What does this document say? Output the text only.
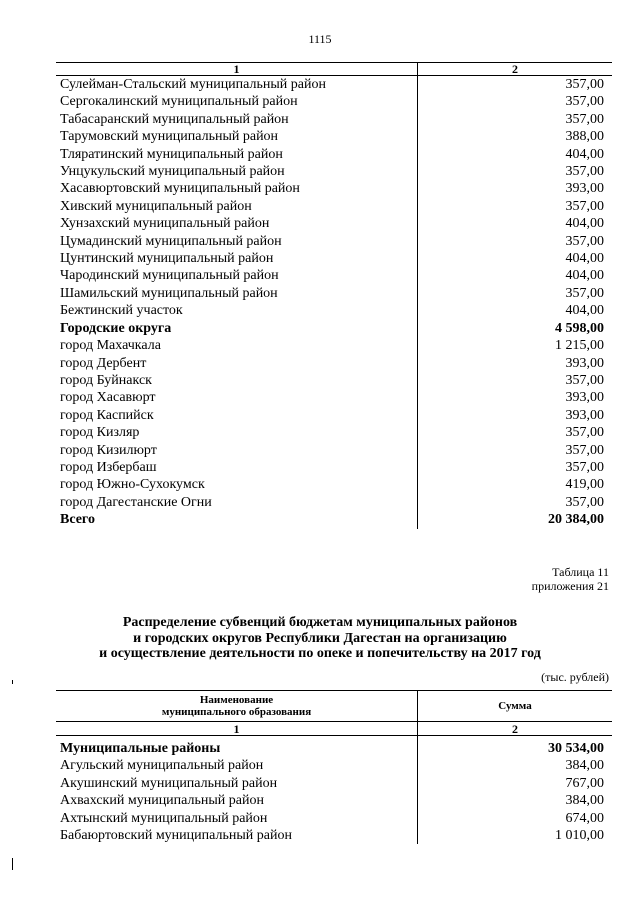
1115
1	2
Сулейман-Стальский муниципальный район	357,00
Сергокалинский муниципальный район	357,00
Табасаранский муниципальный район	357,00
Тарумовский муниципальный район	388,00
Тляратинский муниципальный район	404,00
Унцукульский муниципальный район	357,00
Хасавюртовский муниципальный район	393,00
Хивский муниципальный район	357,00
Хунзахский муниципальный район	404,00
Цумадинский муниципальный район	357,00
Цунтинский муниципальный район	404,00
Чародинский муниципальный район	404,00
Шамильский муниципальный район	357,00
Бежтинский участок	404,00
Городские округа	4 598,00
город Махачкала	1 215,00
город Дербент	393,00
город Буйнакск	357,00
город Хасавюрт	393,00
город Каспийск	393,00
город Кизляр	357,00
город Кизилюрт	357,00
город Избербаш	357,00
город Южно-Сухокумск	419,00
город Дагестанские Огни	357,00
Всего	20 384,00
Таблица 11
приложения 21
Распределение субвенций бюджетам муниципальных районов
и городских округов Республики Дагестан на организацию
и осуществление деятельности по опеке и попечительству на 2017 год
(тыс. рублей)
Наименование
муниципального образования	Сумма
1	2
Муниципальные районы	30 534,00
Агульский муниципальный район	384,00
Акушинский муниципальный район	767,00
Ахвахский муниципальный район	384,00
Ахтынский муниципальный район	674,00
Бабаюртовский муниципальный район	1 010,00
